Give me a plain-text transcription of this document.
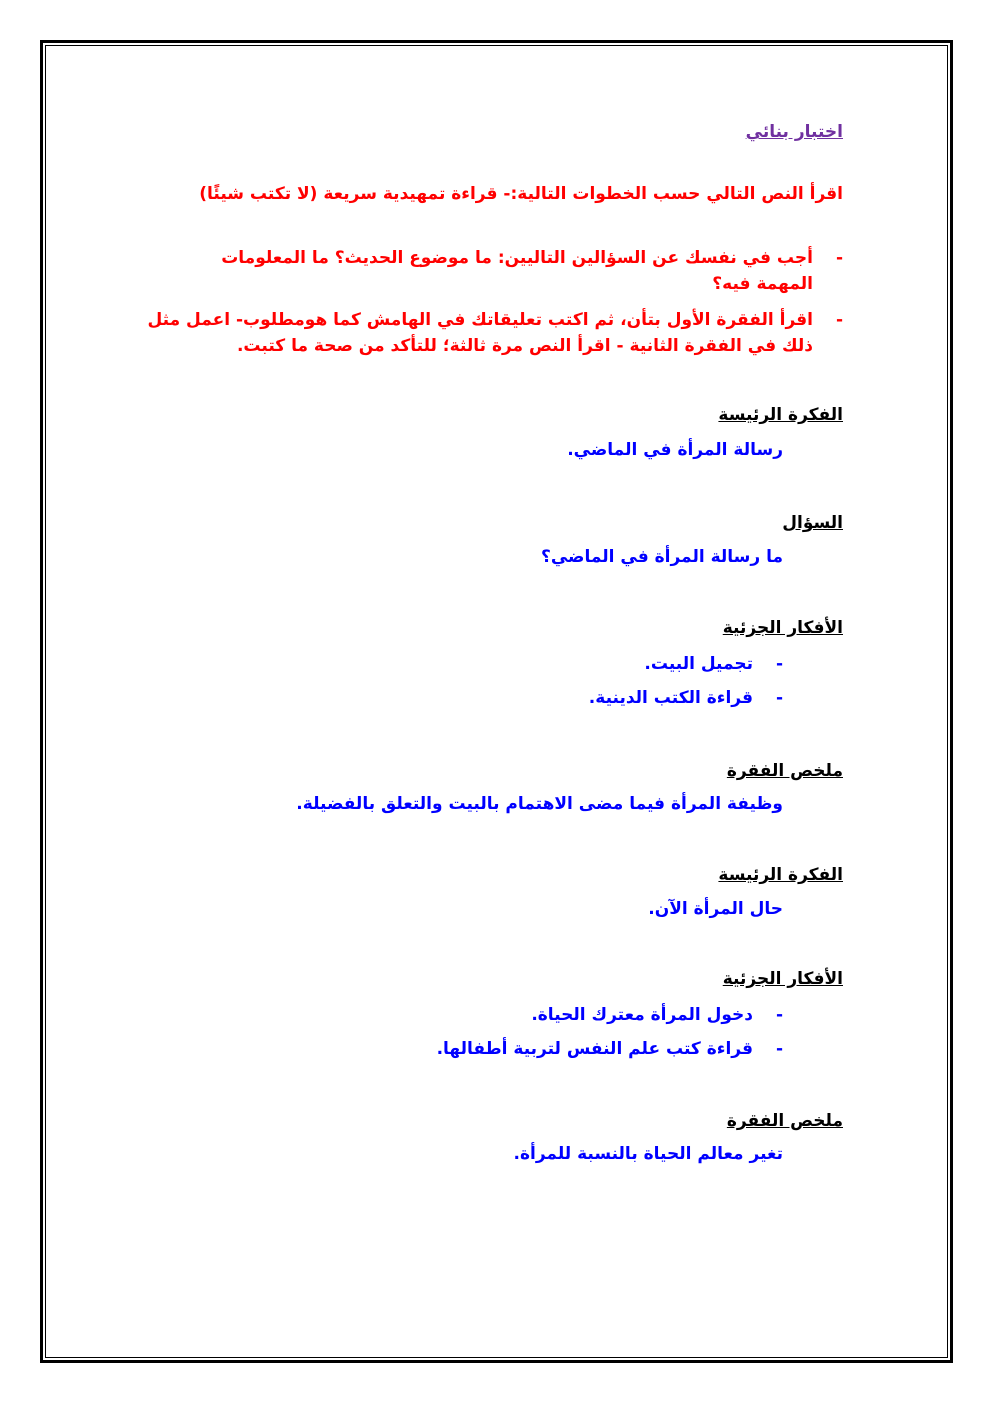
اختبار بنائي
اقرأ النص التالي حسب الخطوات التالية:- قراءة تمهيدية سريعة (لا تكتب شيئًا)
-
أجب في نفسك عن السؤالين التاليين: ما موضوع الحديث؟ ما المعلومات المهمة فيه؟
-
اقرأ الفقرة الأول بتأن، ثم اكتب تعليقاتك في الهامش كما هومطلوب- اعمل مثل ذلك في الفقرة الثانية - اقرأ النص مرة ثالثة؛ للتأكد من صحة ما كتبت.
الفكرة الرئيسة
رسالة المرأة في الماضي.
السؤال
ما رسالة المرأة في الماضي؟
الأفكار الجزئية
-
تجميل البيت.
-
قراءة الكتب الدينية.
ملخص الفقرة
وظيفة المرأة فيما مضى الاهتمام بالبيت والتعلق بالفضيلة.
الفكرة الرئيسة
حال المرأة الآن.
الأفكار الجزئية
-
دخول المرأة معترك الحياة.
-
قراءة كتب علم النفس لتربية أطفالها.
ملخص الفقرة
تغير معالم الحياة بالنسبة للمرأة.
